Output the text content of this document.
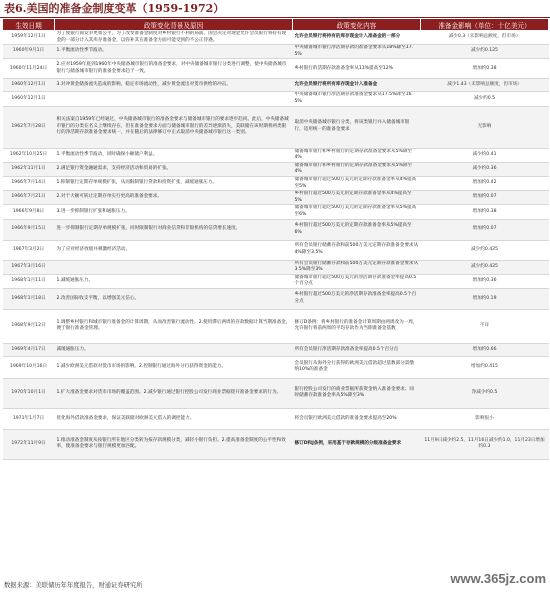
表6.美国的准备金制度变革（1959-1972）
生效日期	政策变化背景及原因	政策变化内容	准备金影响（单位：十亿美元）
1959年12月1日	为了使银行间竞争更加公平，为了改变准备金制度对乡村银行不利的局面，国会决定对现金允许会员银行将持有现金的一部分计入其库存准备金，以弥补其在准备金方面可能受到的不公正待遇。	允许会员银行将持有的库存现金计入准备金的一部分	减少0.3（未影响总额度，但市场）
1960年9月1日	1.平衡流动性季节波动。	中央储备城市银行净活期存款的准备金要求从18%降至17.5%	减少约0.125
1960年11月24日	2.应对1959年底到1960年中央储备城市银行的准备金要求，对中央储备城市银行分类进行调整，使中央储备城市银行与储备城市银行的准备金要求趋于一致。	乡村银行的活期存款准备金率从11%提高至12%	增加约0.38
1960年12月1日	3.对冲黄金储备流失造成的影响，稳定市场流动性，减少黄金流出对货币供给的冲击。	允许会员银行将所有库存现金计入准备金	减少1.43（未影响总额度，但市场）
1960年12月1日		中央储备城市银行净活期存款准备金要求从17.5%降至16.5%	减少约0.5
1962年7月28日	相关法案自1959年已经通过，中央储备城市银行的准备金要求与储备城市银行的要求逐步趋同。此后，中央储备城市银行的分类在名义上继续存在，但在准备金要求方面与储备城市银行的差异逐渐消失，美联储在该时期将两类银行的净活期存款准备金要求统一，并在随后的法律修订中正式取消中央储备城市银行这一类别。	取消中央储备城市银行分类，将该类银行并入储备城市银行，适用统一的准备金要求	无影响
1962年10月25日	1.平衡流动性季节波动，同时确保小额储户利益。	储备城市银行和乡村银行的定期存款准备金要求从5%降至4%	减少约0.41
1962年11月1日	2.满足银行资金融通需求，支持经济活动和贸易的扩张。	储备城市银行和乡村银行的定期存款准备金要求从5%降至4%	减少约0.36
1966年7月14日	1.抑制银行定期存单规模扩张，从而限制银行贷款和投资扩张，减缓通胀压力。	储备城市银行超过500万美元的定期存款准备金率从4%提高至5%	增加约0.42
1966年7月21日	2.对于大额可转让定期存单实行更高的准备金要求。	乡村银行超过500万美元的定期存款准备金率从4%提高至5%	增加约0.07
1966年9月8日	3.进一步抑制银行扩张和通胀压力。	储备城市银行超过500万美元的定期存款准备金率从5%提高至6%	增加约0.38
1966年9月15日	进一步抑制银行定期存单规模扩张，同时限制银行对商业信贷和非银机构的信贷增长速度。	乡村银行超过500万美元的定期存款准备金率从5%提高至6%	增加约0.07
1967年3月2日	为了应对经济放缓并刺激经济活动。	所有会员银行储蓄存款和前500万美元定期存款准备金要求从4%降至3.5%	减少约0.425
1967年3月16日		所有会员银行储蓄存款和前500万美元定期存款准备金要求从3.5%降至3%	减少约0.425
1968年1月11日	1.减缓通胀压力。	储备城市银行超过500万美元的净活期存款准备金率提高0.5个百分点	增加约0.36
1968年1月18日	2.改善国际收支平衡，以增强美元信心。	乡村银行超过500万美元的净活期存款准备金率提高0.5个百分点	增加约0.19
1968年9月12日	1.调整乡村银行和城市银行准备金的计算周期，从而改善银行流动性。2.使用滞后两周的存款数据计算当期准备金，便于银行准备金管理。	修订D条例：将乡村银行的准备金计算周期由两周改为一周，允许银行将前两周的平均存款作为当期准备金基数	不详
1969年4月17日	减缓通胀压力。	所有会员银行净活期存款准备金率提高0.5个百分点	增加约0.66
1969年10月16日	1.减少欧洲美元借款对货币市场的影响。2.控制银行通过海外分行获得资金的能力。	会员银行从海外分行获得的欧洲美元借款超过基数部分需缴纳10%的准备金	增加约0.415
1970年10月1日	1.扩大准备金要求对货币市场的覆盖范围。2.减少银行通过银行控股公司发行商业票据绕开准备金要求的行为。	银行控股公司发行的商业票据所获资金纳入准备金要求；同时储蓄存款准备金率从5%降至3%	净减少约0.5
1971年1月7日	优化海外借款准备金要求，保证美联储对欧洲美元借入的调控能力。	将会员银行欧洲美元借款的准备金要求提高至20%	影响很小
1972年11月9日	1.推动准备金制度从按银行所在地区分类转为按存款规模分类，减轻小银行负担。2.提高准备金制度的公平性和效率，使准备金要求与银行规模更加匹配。	修订D和J条例，采用基于存款规模的分级准备金要求	11月9日减少约2.5，11月16日减少约1.0，11月23日增加约0.3
www.365jz.com
数据来源：美联储历年年度报告，财通证券研究所
